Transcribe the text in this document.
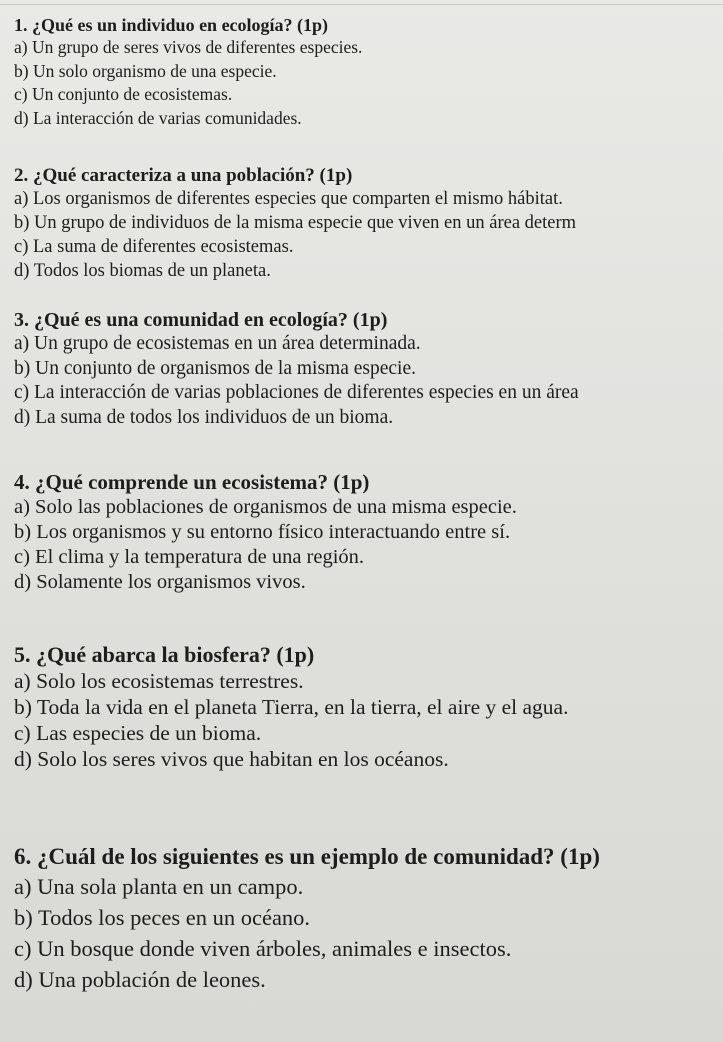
1. ¿Qué es un individuo en ecología? (1p)
a) Un grupo de seres vivos de diferentes especies.
b) Un solo organismo de una especie.
c) Un conjunto de ecosistemas.
d) La interacción de varias comunidades.
2. ¿Qué caracteriza a una población? (1p)
a) Los organismos de diferentes especies que comparten el mismo hábitat.
b) Un grupo de individuos de la misma especie que viven en un área determ
c) La suma de diferentes ecosistemas.
d) Todos los biomas de un planeta.
3. ¿Qué es una comunidad en ecología? (1p)
a) Un grupo de ecosistemas en un área determinada.
b) Un conjunto de organismos de la misma especie.
c) La interacción de varias poblaciones de diferentes especies en un área
d) La suma de todos los individuos de un bioma.
4. ¿Qué comprende un ecosistema? (1p)
a) Solo las poblaciones de organismos de una misma especie.
b) Los organismos y su entorno físico interactuando entre sí.
c) El clima y la temperatura de una región.
d) Solamente los organismos vivos.
5. ¿Qué abarca la biosfera? (1p)
a) Solo los ecosistemas terrestres.
b) Toda la vida en el planeta Tierra, en la tierra, el aire y el agua.
c) Las especies de un bioma.
d) Solo los seres vivos que habitan en los océanos.
6. ¿Cuál de los siguientes es un ejemplo de comunidad? (1p)
a) Una sola planta en un campo.
b) Todos los peces en un océano.
c) Un bosque donde viven árboles, animales e insectos.
d) Una población de leones.
